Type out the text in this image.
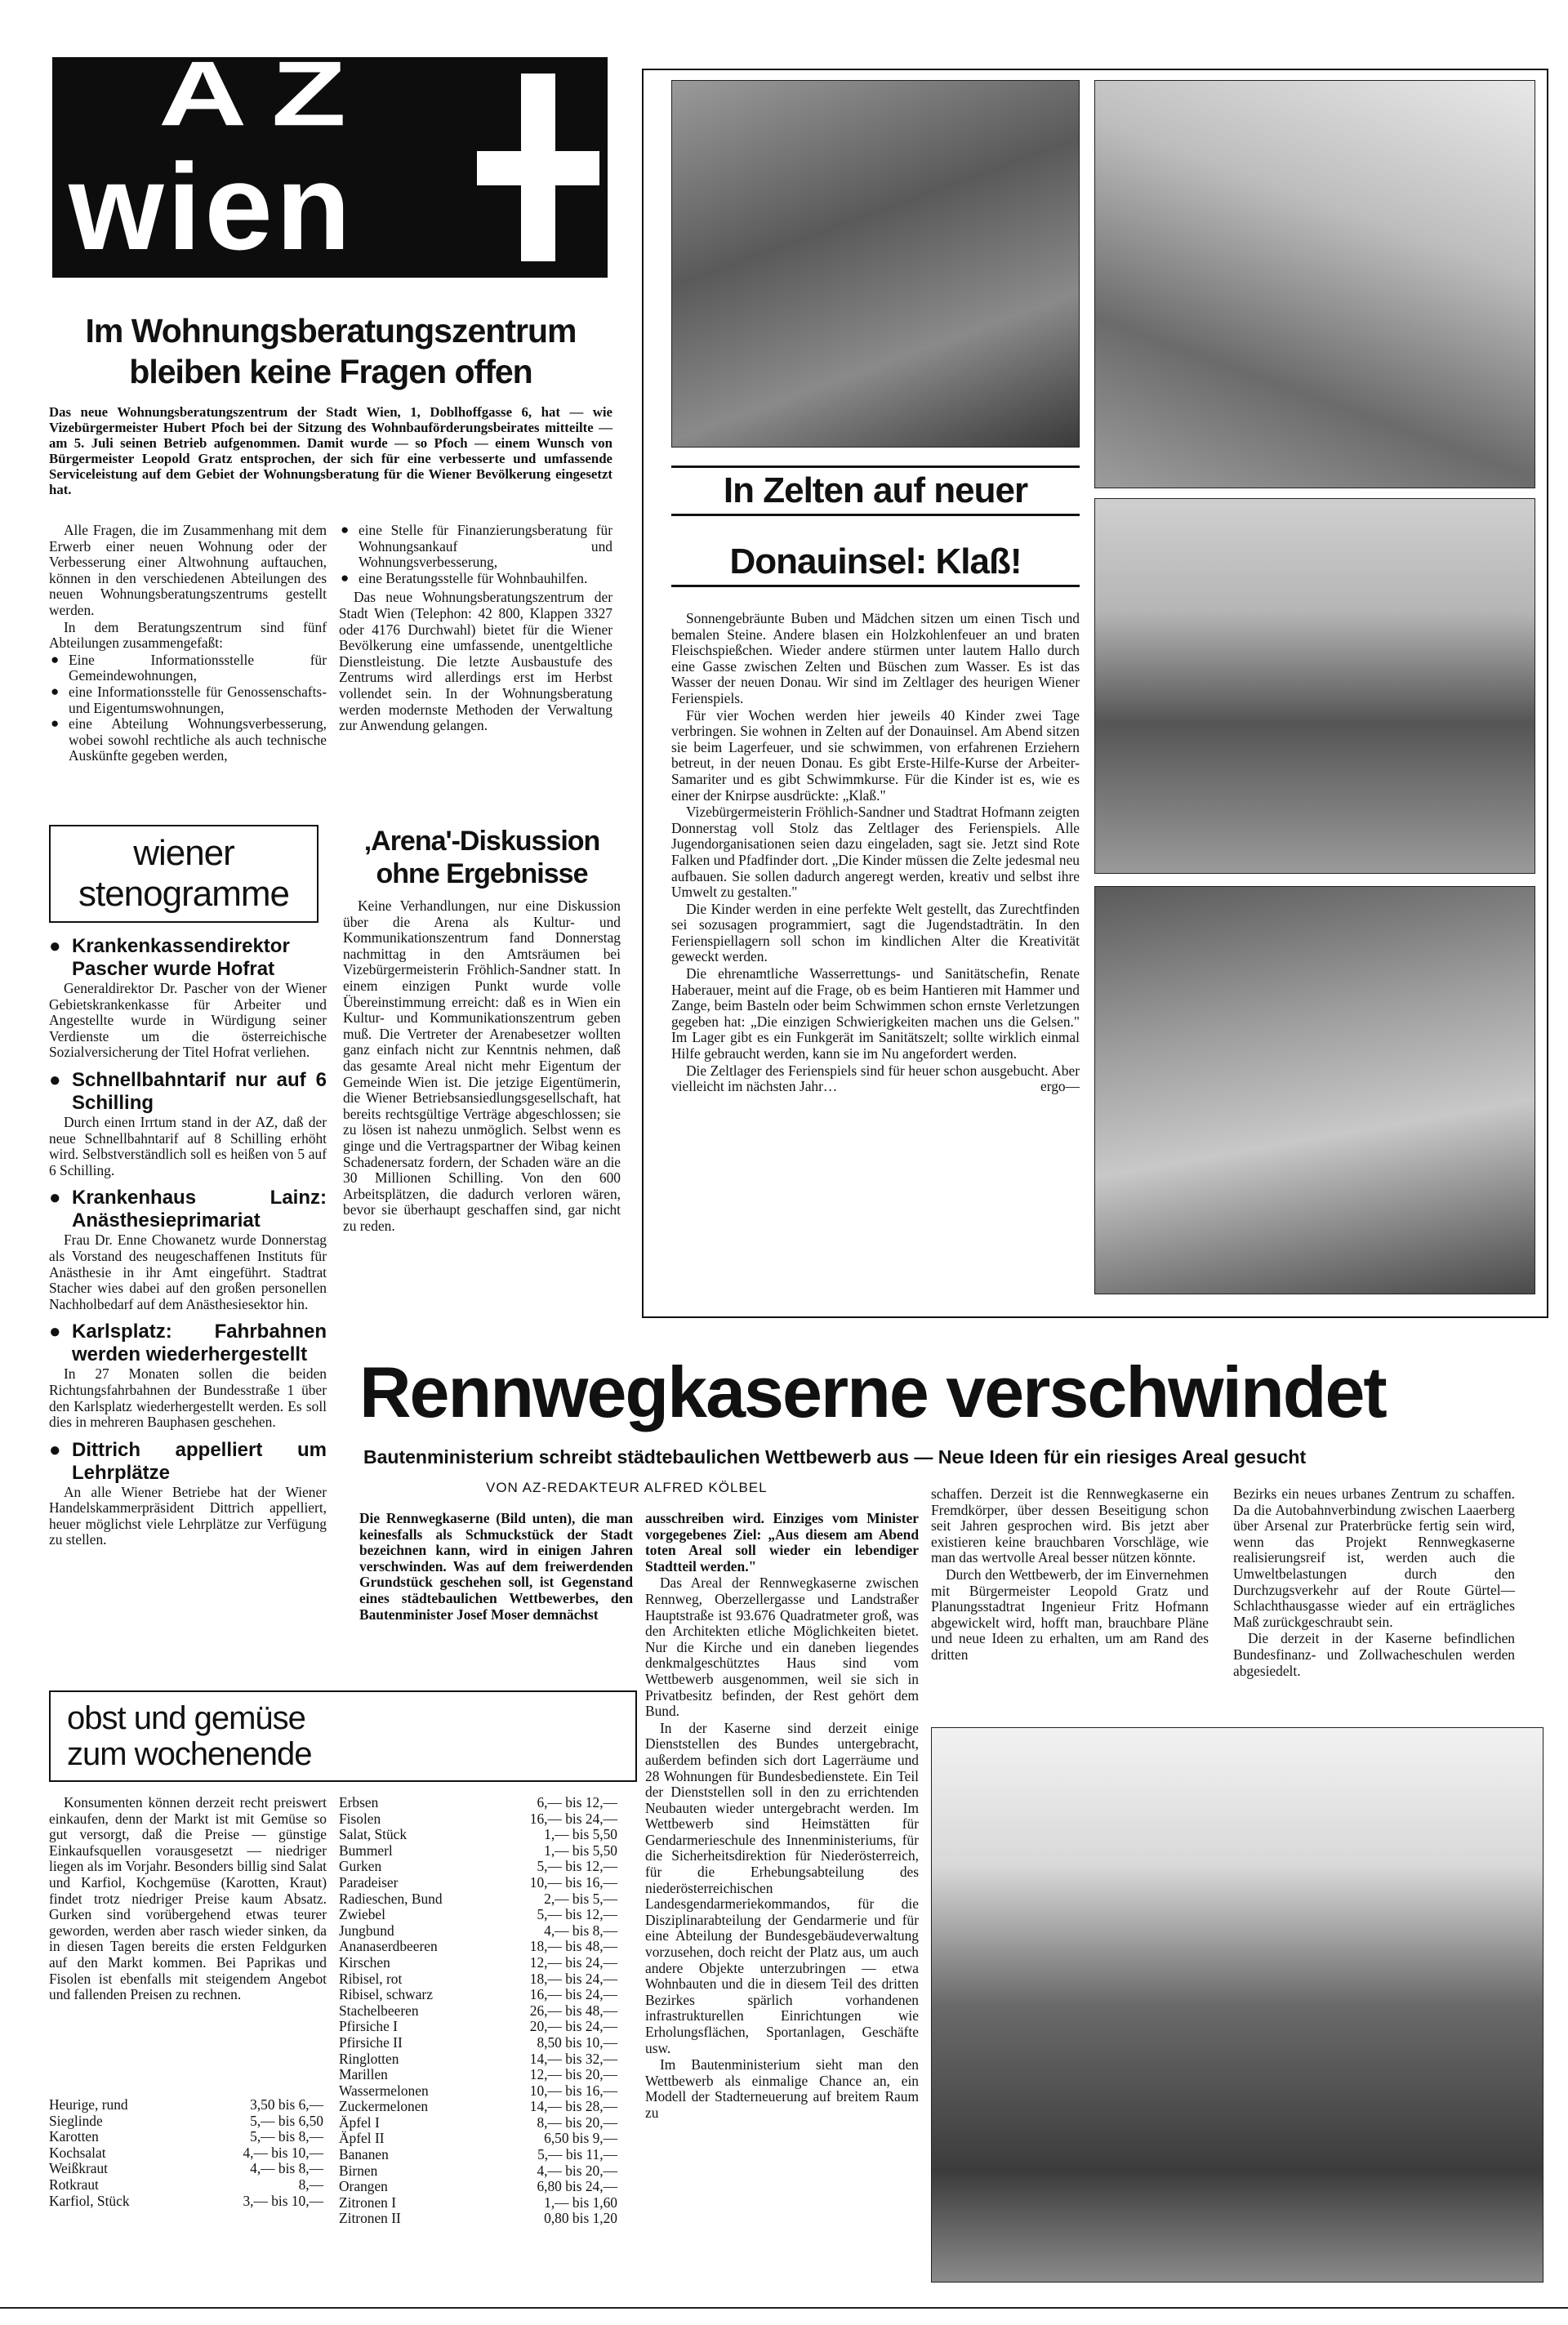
AZ
wien
Im Wohnungsberatungszentrum
bleiben keine Fragen offen
Das neue Wohnungsberatungszentrum der Stadt Wien, 1, Doblhoffgasse 6, hat — wie Vizebürgermeister Hubert Pfoch bei der Sitzung des Wohnbauförderungsbeirates mitteilte — am 5. Juli seinen Betrieb aufgenommen. Damit wurde — so Pfoch — einem Wunsch von Bürgermeister Leopold Gratz entsprochen, der sich für eine verbesserte und umfassende Serviceleistung auf dem Gebiet der Wohnungsberatung für die Wiener Bevölkerung eingesetzt hat.

Alle Fragen, die im Zusammenhang mit dem Erwerb einer neuen Wohnung oder der Verbesserung einer Altwohnung auftauchen, können in den verschiedenen Abteilungen des neuen Wohnungsberatungszentrums gestellt werden.

In dem Beratungszentrum sind fünf Abteilungen zusammengefaßt:

● Eine Informationsstelle für Gemeindewohnungen,
● eine Informationsstelle für Genossenschafts- und Eigentumswohnungen,
● eine Abteilung Wohnungsverbesserung, wobei sowohl rechtliche als auch technische Auskünfte gegeben werden,
● eine Stelle für Finanzierungsberatung für Wohnungsankauf und Wohnungsverbesserung,
● eine Beratungsstelle für Wohnbauhilfen.

Das neue Wohnungsberatungszentrum der Stadt Wien (Telephon: 42 800, Klappen 3327 oder 4176 Durchwahl) bietet für die Wiener Bevölkerung eine umfassende, unentgeltliche Dienstleistung. Die letzte Ausbaustufe des Zentrums wird allerdings erst im Herbst vollendet sein. In der Wohnungsberatung werden modernste Methoden der Verwaltung zur Anwendung gelangen.

wiener
stenogramme
● Krankenkassendirektor Pascher wurde Hofrat

Generaldirektor Dr. Pascher von der Wiener Gebietskrankenkasse für Arbeiter und Angestellte wurde in Würdigung seiner Verdienste um die österreichische Sozialversicherung der Titel Hofrat verliehen.

● Schnellbahntarif nur auf 6 Schilling

Durch einen Irrtum stand in der AZ, daß der neue Schnellbahntarif auf 8 Schilling erhöht wird. Selbstverständlich soll es heißen von 5 auf 6 Schilling.

● Krankenhaus Lainz: Anästhesieprimariat

Frau Dr. Enne Chowanetz wurde Donnerstag als Vorstand des neugeschaffenen Instituts für Anästhesie in ihr Amt eingeführt. Stadtrat Stacher wies dabei auf den großen personellen Nachholbedarf auf dem Anästhesiesektor hin.

● Karlsplatz: Fahrbahnen werden wiederhergestellt

In 27 Monaten sollen die beiden Richtungsfahrbahnen der Bundesstraße 1 über den Karlsplatz wiederhergestellt werden. Es soll dies in mehreren Bauphasen geschehen.

● Dittrich appelliert um Lehrplätze

An alle Wiener Betriebe hat der Wiener Handelskammerpräsident Dittrich appelliert, heuer möglichst viele Lehrplätze zur Verfügung zu stellen.

‚Arena'-Diskussion
ohne Ergebnisse

Keine Verhandlungen, nur eine Diskussion über die Arena als Kultur- und Kommunikationszentrum fand Donnerstag nachmittag in den Amtsräumen bei Vizebürgermeisterin Fröhlich-Sandner statt. In einem einzigen Punkt wurde volle Übereinstimmung erreicht: daß es in Wien ein Kultur- und Kommunikationszentrum geben muß. Die Vertreter der Arenabesetzer wollten ganz einfach nicht zur Kenntnis nehmen, daß das gesamte Areal nicht mehr Eigentum der Gemeinde Wien ist. Die jetzige Eigentümerin, die Wiener Betriebsansiedlungsgesellschaft, hat bereits rechtsgültige Verträge abgeschlossen; sie zu lösen ist nahezu unmöglich. Selbst wenn es ginge und die Vertragspartner der Wibag keinen Schadenersatz fordern, der Schaden wäre an die 30 Millionen Schilling. Von den 600 Arbeitsplätzen, die dadurch verloren wären, bevor sie überhaupt geschaffen sind, gar nicht zu reden.

In Zelten auf neuer
Donauinsel: Klaß!

Sonnengebräunte Buben und Mädchen sitzen um einen Tisch und bemalen Steine. Andere blasen ein Holzkohlenfeuer an und braten Fleischspießchen. Wieder andere stürmen unter lautem Hallo durch eine Gasse zwischen Zelten und Büschen zum Wasser. Es ist das Wasser der neuen Donau. Wir sind im Zeltlager des heurigen Wiener Ferienspiels.

Für vier Wochen werden hier jeweils 40 Kinder zwei Tage verbringen. Sie wohnen in Zelten auf der Donauinsel. Am Abend sitzen sie beim Lagerfeuer, und sie schwimmen, von erfahrenen Erziehern betreut, in der neuen Donau. Es gibt Erste-Hilfe-Kurse der Arbeiter-Samariter und es gibt Schwimmkurse. Für die Kinder ist es, wie es einer der Knirpse ausdrückte: „Klaß."

Vizebürgermeisterin Fröhlich-Sandner und Stadtrat Hofmann zeigten Donnerstag voll Stolz das Zeltlager des Ferienspiels. Alle Jugendorganisationen seien dazu eingeladen, sagt sie. Jetzt sind Rote Falken und Pfadfinder dort. „Die Kinder müssen die Zelte jedesmal neu aufbauen. Sie sollen dadurch angeregt werden, kreativ und selbst ihre Umwelt zu gestalten."

Die Kinder werden in eine perfekte Welt gestellt, das Zurechtfinden sei sozusagen programmiert, sagt die Jugendstadträtin. In den Ferienspiellagern soll schon im kindlichen Alter die Kreativität geweckt werden.

Die ehrenamtliche Wasserrettungs- und Sanitätschefin, Renate Haberauer, meint auf die Frage, ob es beim Hantieren mit Hammer und Zange, beim Basteln oder beim Schwimmen schon ernste Verletzungen gegeben hat: „Die einzigen Schwierigkeiten machen uns die Gelsen." Im Lager gibt es ein Funkgerät im Sanitätszelt; sollte wirklich einmal Hilfe gebraucht werden, kann sie im Nu angefordert werden.

Die Zeltlager des Ferienspiels sind für heuer schon ausgebucht. Aber vielleicht im nächsten Jahr…	ergo—

Rennwegkaserne verschwindet
Bautenministerium schreibt städtebaulichen Wettbewerb aus — Neue Ideen für ein riesiges Areal gesucht
VON AZ-REDAKTEUR ALFRED KÖLBEL
Die Rennwegkaserne (Bild unten), die man keinesfalls als Schmuckstück der Stadt bezeichnen kann, wird in einigen Jahren verschwinden. Was auf dem freiwerdenden Grundstück geschehen soll, ist Gegenstand eines städtebaulichen Wettbewerbes, den Bautenminister Josef Moser demnächst

ausschreiben wird. Einziges vom Minister vorgegebenes Ziel: „Aus diesem am Abend toten Areal soll wieder ein lebendiger Stadtteil werden."

Das Areal der Rennwegkaserne zwischen Rennweg, Oberzellergasse und Landstraßer Hauptstraße ist 93.676 Quadratmeter groß, was den Architekten etliche Möglichkeiten bietet. Nur die Kirche und ein daneben liegendes denkmalgeschütztes Haus sind vom Wettbewerb ausgenommen, weil sie sich in Privatbesitz befinden, der Rest gehört dem Bund.

In der Kaserne sind derzeit einige Dienststellen des Bundes untergebracht, außerdem befinden sich dort Lagerräume und 28 Wohnungen für Bundesbedienstete. Ein Teil der Dienststellen soll in den zu errichtenden Neubauten wieder untergebracht werden. Im Wettbewerb sind Heimstätten für Gendarmerieschule des Innenministeriums, für die Sicherheitsdirektion für Niederösterreich, für die Erhebungsabteilung des niederösterreichischen Landesgendarmeriekommandos, für die Disziplinarabteilung der Gendarmerie und für eine Abteilung der Bundesgebäudeverwaltung vorzusehen, doch reicht der Platz aus, um auch andere Objekte unterzubringen — etwa Wohnbauten und die in diesem Teil des dritten Bezirkes spärlich vorhandenen infrastrukturellen Einrichtungen wie Erholungsflächen, Sportanlagen, Geschäfte usw.

Im Bautenministerium sieht man den Wettbewerb als einmalige Chance an, ein Modell der Stadterneuerung auf breitem Raum zu

schaffen. Derzeit ist die Rennwegkaserne ein Fremdkörper, über dessen Beseitigung schon seit Jahren gesprochen wird. Bis jetzt aber existieren keine brauchbaren Vorschläge, wie man das wertvolle Areal besser nützen könnte.

Durch den Wettbewerb, der im Einvernehmen mit Bürgermeister Leopold Gratz und Planungsstadtrat Ingenieur Fritz Hofmann abgewickelt wird, hofft man, brauchbare Pläne und neue Ideen zu erhalten, um am Rand des dritten

Bezirks ein neues urbanes Zentrum zu schaffen. Da die Autobahnverbindung zwischen Laaerberg über Arsenal zur Praterbrücke fertig sein wird, wenn das Projekt Rennwegkaserne realisierungsreif ist, werden auch die Umweltbelastungen durch den Durchzugsverkehr auf der Route Gürtel—Schlachthausgasse wieder auf ein erträgliches Maß zurückgeschraubt sein.

Die derzeit in der Kaserne befindlichen Bundesfinanz- und Zollwacheschulen werden abgesiedelt.

obst und gemüse
zum wochenende

Konsumenten können derzeit recht preiswert einkaufen, denn der Markt ist mit Gemüse so gut versorgt, daß die Preise — günstige Einkaufsquellen vorausgesetzt — niedriger liegen als im Vorjahr. Besonders billig sind Salat und Karfiol, Kochgemüse (Karotten, Kraut) findet trotz niedriger Preise kaum Absatz. Gurken sind vorübergehend etwas teurer geworden, werden aber rasch wieder sinken, da in diesen Tagen bereits die ersten Feldgurken auf den Markt kommen. Bei Paprikas und Fisolen ist ebenfalls mit steigendem Angebot und fallenden Preisen zu rechnen.

Heurige, rund	3,50 bis 6,—
Sieglinde	5,— bis 6,50
Karotten	5,— bis 8,—
Kochsalat	4,— bis 10,—
Weißkraut	4,— bis 8,—
Rotkraut	8,—
Karfiol, Stück	3,— bis 10,—
Erbsen	6,— bis 12,—
Fisolen	16,— bis 24,—
Salat, Stück	1,— bis 5,50
Bummerl	1,— bis 5,50
Gurken	5,— bis 12,—
Paradeiser	10,— bis 16,—
Radieschen, Bund	2,— bis 5,—
Zwiebel	5,— bis 12,—
Jungbund	4,— bis 8,—
Ananaserdbeeren	18,— bis 48,—
Kirschen	12,— bis 24,—
Ribisel, rot	18,— bis 24,—
Ribisel, schwarz	16,— bis 24,—
Stachelbeeren	26,— bis 48,—
Pfirsiche I	20,— bis 24,—
Pfirsiche II	8,50 bis 10,—
Ringlotten	14,— bis 32,—
Marillen	12,— bis 20,—
Wassermelonen	10,— bis 16,—
Zuckermelonen	14,— bis 28,—
Äpfel I	8,— bis 20,—
Äpfel II	6,50 bis 9,—
Bananen	5,— bis 11,—
Birnen	4,— bis 20,—
Orangen	6,80 bis 24,—
Zitronen I	1,— bis 1,60
Zitronen II	0,80 bis 1,20
